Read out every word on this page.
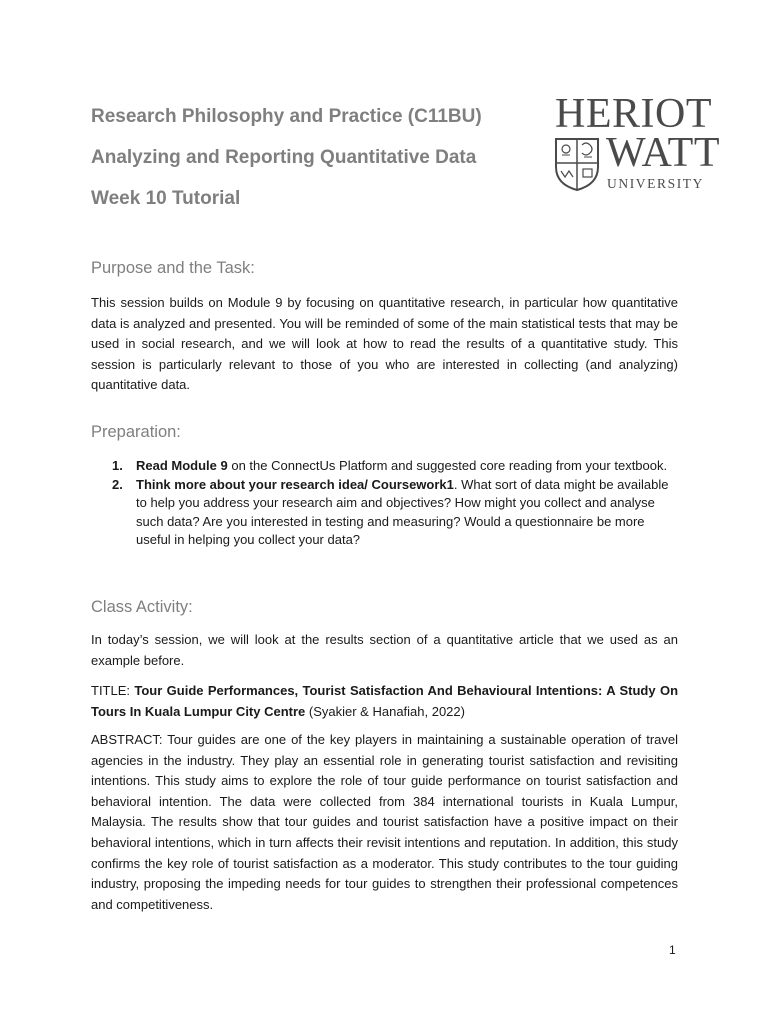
Research Philosophy and Practice (C11BU)

Analyzing and Reporting Quantitative Data

Week 10 Tutorial

HERIOT
WATT
UNIVERSITY

Purpose and the Task:

This session builds on Module 9 by focusing on quantitative research, in particular how quantitative data is analyzed and presented. You will be reminded of some of the main statistical tests that may be used in social research, and we will look at how to read the results of a quantitative study. This session is particularly relevant to those of you who are interested in collecting (and analyzing) quantitative data.

Preparation:

1. Read Module 9 on the ConnectUs Platform and suggested core reading from your textbook.
2. Think more about your research idea/ Coursework1. What sort of data might be available to help you address your research aim and objectives? How might you collect and analyse such data? Are you interested in testing and measuring? Would a questionnaire be more useful in helping you collect your data?

Class Activity:

In today’s session, we will look at the results section of a quantitative article that we used as an example before.

TITLE: Tour Guide Performances, Tourist Satisfaction And Behavioural Intentions: A Study On Tours In Kuala Lumpur City Centre (Syakier & Hanafiah, 2022)

ABSTRACT: Tour guides are one of the key players in maintaining a sustainable operation of travel agencies in the industry. They play an essential role in generating tourist satisfaction and revisiting intentions. This study aims to explore the role of tour guide performance on tourist satisfaction and behavioral intention. The data were collected from 384 international tourists in Kuala Lumpur, Malaysia. The results show that tour guides and tourist satisfaction have a positive impact on their behavioral intentions, which in turn affects their revisit intentions and reputation. In addition, this study confirms the key role of tourist satisfaction as a moderator. This study contributes to the tour guiding industry, proposing the impeding needs for tour guides to strengthen their professional competences and competitiveness.

1
